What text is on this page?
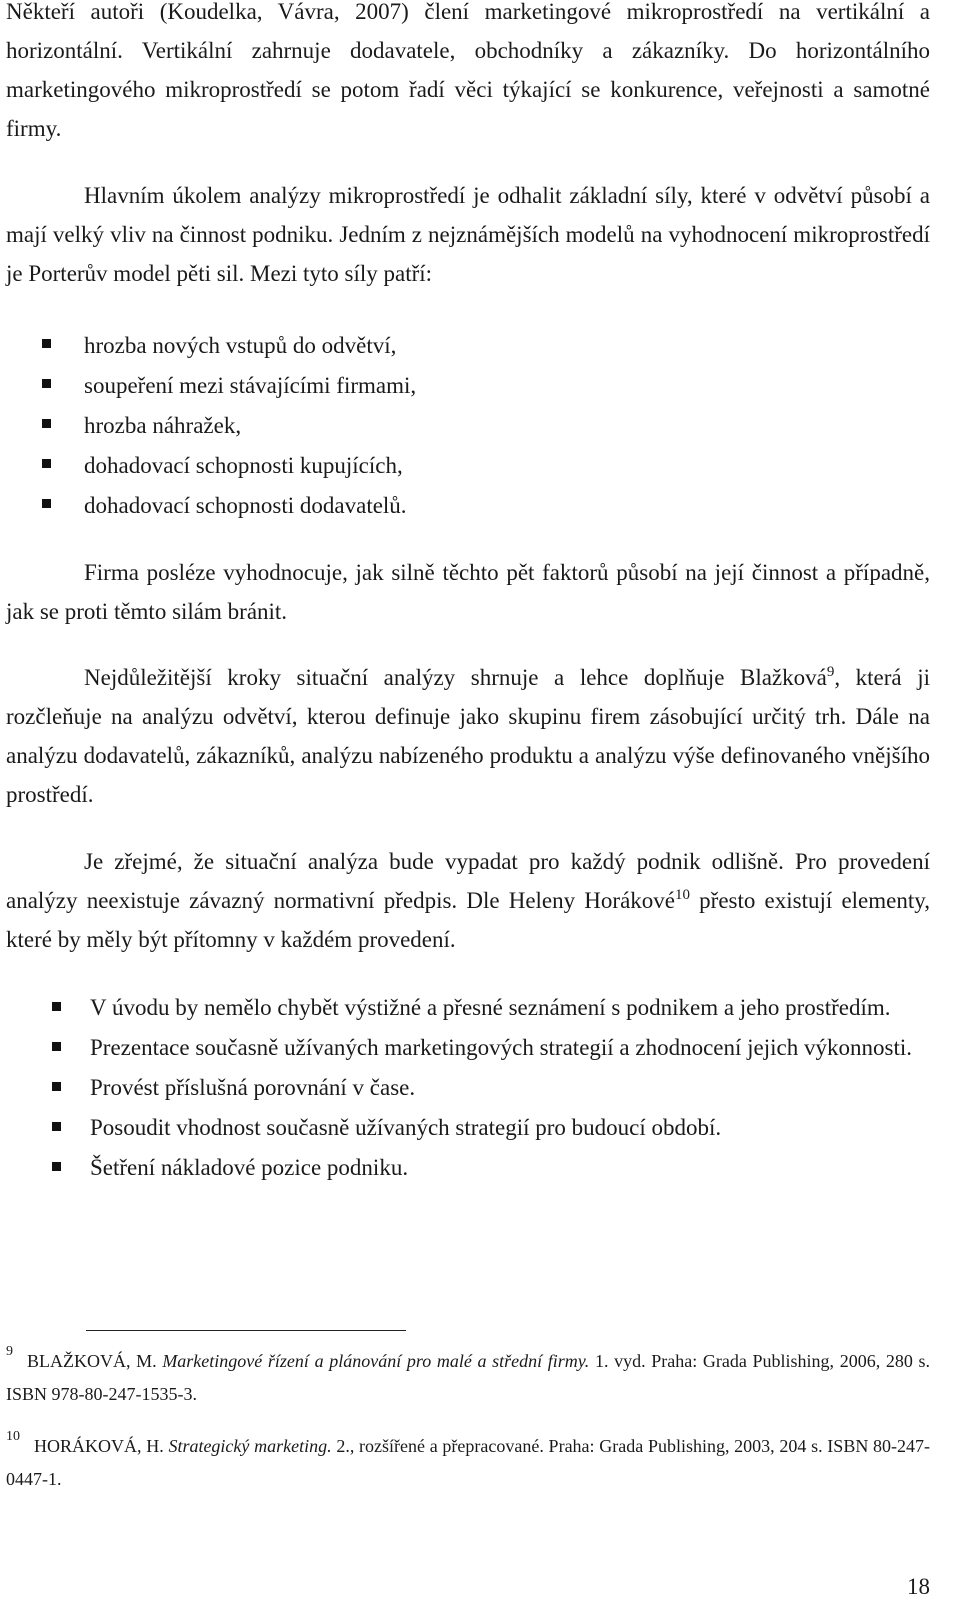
Někteří autoři (Koudelka, Vávra, 2007) člení marketingové mikroprostředí na vertikální a horizontální. Vertikální zahrnuje dodavatele, obchodníky a zákazníky. Do horizontálního marketingového mikroprostředí se potom řadí věci týkající se konkurence, veřejnosti a samotné firmy.

Hlavním úkolem analýzy mikroprostředí je odhalit základní síly, které v odvětví působí a mají velký vliv na činnost podniku. Jedním z nejznámějších modelů na vyhodnocení mikroprostředí je Porterův model pěti sil. Mezi tyto síly patří:

hrozba nových vstupů do odvětví,
soupeření mezi stávajícími firmami,
hrozba náhražek,
dohadovací schopnosti kupujících,
dohadovací schopnosti dodavatelů.

Firma posléze vyhodnocuje, jak silně těchto pět faktorů působí na její činnost a případně, jak se proti těmto silám bránit.

Nejdůležitější kroky situační analýzy shrnuje a lehce doplňuje Blažková$^9$, která ji rozčleňuje na analýzu odvětví, kterou definuje jako skupinu firem zásobující určitý trh. Dále na analýzu dodavatelů, zákazníků, analýzu nabízeného produktu a analýzu výše definovaného vnějšího prostředí.

Je zřejmé, že situační analýza bude vypadat pro každý podnik odlišně. Pro provedení analýzy neexistuje závazný normativní předpis. Dle Heleny Horákové$^{10}$ přesto existují elementy, které by měly být přítomny v každém provedení.

V úvodu by nemělo chybět výstižné a přesné seznámení s podnikem a jeho prostředím.
Prezentace současně užívaných marketingových strategií a zhodnocení jejich výkonnosti.
Provést příslušná porovnání v čase.
Posoudit vhodnost současně užívaných strategií pro budoucí období.
Šetření nákladové pozice podniku.
$^9$ BLAŽKOVÁ, M. Marketingové řízení a plánování pro malé a střední firmy. 1. vyd. Praha: Grada Publishing, 2006, 280 s. ISBN 978-80-247-1535-3.
$^{10}$ HORÁKOVÁ, H. Strategický marketing. 2., rozšířené a přepracované. Praha: Grada Publishing, 2003, 204 s. ISBN 80-247-0447-1.
18
